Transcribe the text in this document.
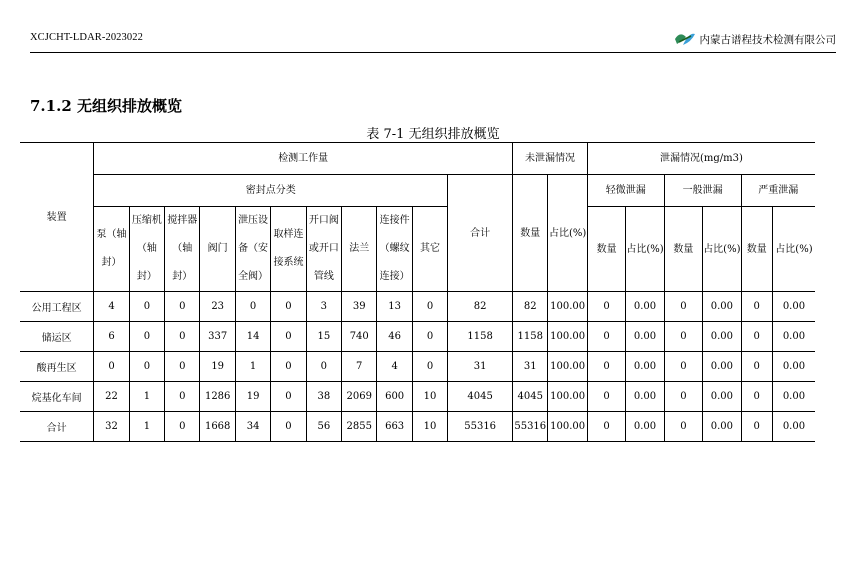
XCJCHT-LDAR-2023022	内蒙古谱程技术检测有限公司
7.1.2 无组织排放概览
表 7-1 无组织排放概览
装置	检测工作量											未泄漏情况		泄漏情况(mg/m3)					
	密封点分类										合计	数量	占比(%)	轻微泄漏		一般泄漏		严重泄漏	
	泵（轴封）	压缩机（轴封）	搅拌器（轴封）	阀门	泄压设备（安全阀）	取样连接系统	开口阀或开口管线	法兰	连接件（螺纹连接）	其它				数量	占比(%)	数量	占比(%)	数量	占比(%)
公用工程区	4	0	0	23	0	0	3	39	13	0	82	82	100.00	0	0.00	0	0.00	0	0.00
储运区	6	0	0	337	14	0	15	740	46	0	1158	1158	100.00	0	0.00	0	0.00	0	0.00
酸再生区	0	0	0	19	1	0	0	7	4	0	31	31	100.00	0	0.00	0	0.00	0	0.00
烷基化车间	22	1	0	1286	19	0	38	2069	600	10	4045	4045	100.00	0	0.00	0	0.00	0	0.00
合计	32	1	0	1668	34	0	56	2855	663	10	55316	55316	100.00	0	0.00	0	0.00	0	0.00
